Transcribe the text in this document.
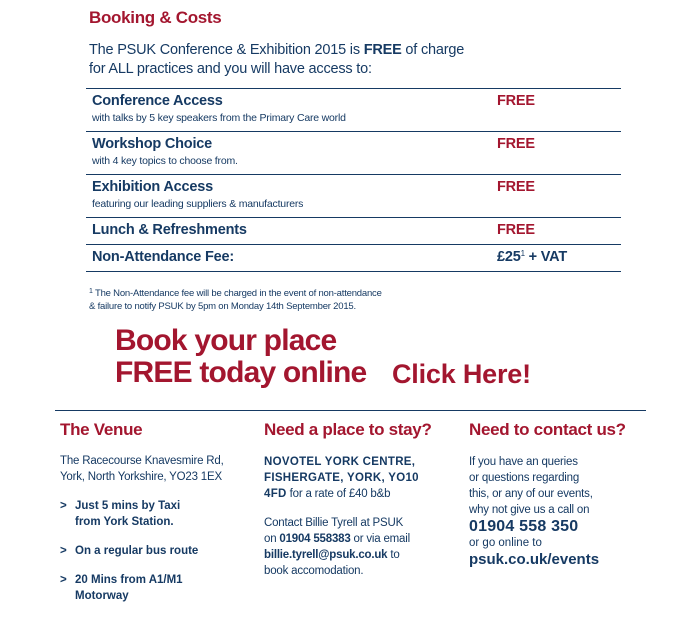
Booking & Costs
The PSUK Conference & Exhibition 2015 is FREE of charge for ALL practices and you will have access to:
Conference Access
with talks by 5 key speakers from the Primary Care world
FREE
Workshop Choice
with 4 key topics to choose from.
FREE
Exhibition Access
featuring our leading suppliers & manufacturers
FREE
Lunch & Refreshments	FREE
Non-Attendance Fee:	$£25^1$ + VAT
$^1$ The Non-Attendance fee will be charged in the event of non-attendance
& failure to notify PSUK by 5pm on Monday 14th September 2015.
Book your place
FREE today online Click Here!
The Venue
The Racecourse Knavesmire Rd,
York, North Yorkshire, YO23 1EX
> Just 5 mins by Taxi
from York Station.
> On a regular bus route
> 20 Mins from A1/M1
Motorway
Need a place to stay?
NOVOTEL YORK CENTRE,
FISHERGATE, YORK, YO10
4FD for a rate of £40 b&b
Contact Billie Tyrell at PSUK
on 01904 558383 or via email
billie.tyrell@psuk.co.uk to
book accomodation.
Need to contact us?
If you have an queries
or questions regarding
this, or any of our events,
why not give us a call on
01904 558 350
or go online to
psuk.co.uk/events
